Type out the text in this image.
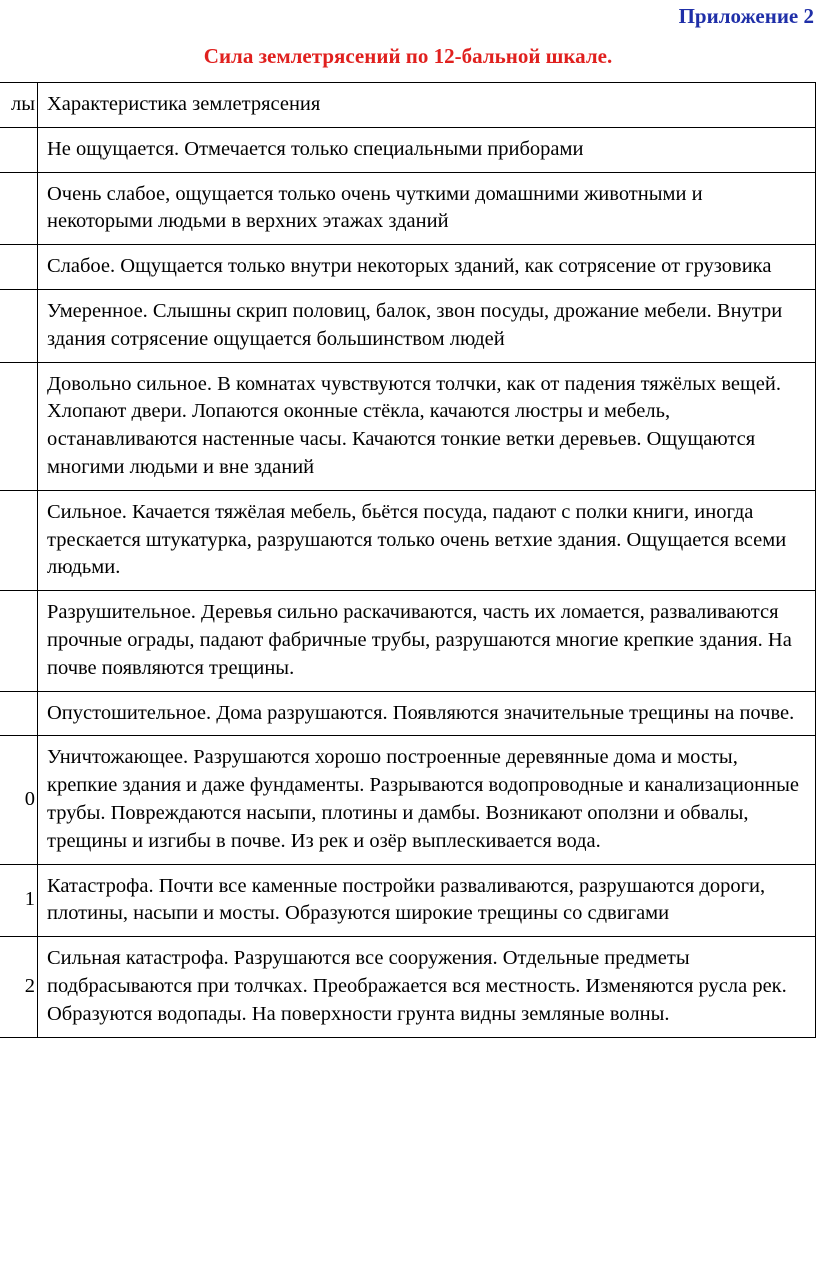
Приложение 2
Сила землетрясений по 12-бальной шкале.
лы	Характеристика землетрясения
	Не ощущается. Отмечается только специальными приборами
	Очень слабое, ощущается только очень чуткими домашними животными и некоторыми людьми в верхних этажах зданий
	Слабое. Ощущается только внутри некоторых зданий, как сотрясение от грузовика
	Умеренное. Слышны скрип половиц, балок, звон посуды, дрожание мебели. Внутри здания сотрясение ощущается большинством людей
	Довольно сильное. В комнатах чувствуются толчки, как от падения тяжёлых вещей. Хлопают двери. Лопаются оконные стёкла, качаются люстры и мебель, останавливаются настенные часы. Качаются тонкие ветки деревьев. Ощущаются многими людьми и вне зданий
	Сильное. Качается тяжёлая мебель, бьётся посуда, падают с полки книги, иногда трескается штукатурка, разрушаются только очень ветхие здания. Ощущается всеми людьми.
	Разрушительное. Деревья сильно раскачиваются, часть их ломается, разваливаются прочные ограды, падают фабричные трубы, разрушаются многие крепкие здания. На почве появляются трещины.
	Опустошительное. Дома разрушаются. Появляются значительные трещины на почве.
0	Уничтожающее. Разрушаются хорошо построенные деревянные дома и мосты, крепкие здания и даже фундаменты. Разрываются водопроводные и канализационные трубы. Повреждаются насыпи, плотины и дамбы. Возникают оползни и обвалы, трещины и изгибы в почве. Из рек и озёр выплескивается вода.
1	Катастрофа. Почти все каменные постройки разваливаются, разрушаются дороги, плотины, насыпи и мосты. Образуются широкие трещины со сдвигами
2	Сильная катастрофа. Разрушаются все сооружения. Отдельные предметы подбрасываются при толчках. Преображается вся местность. Изменяются русла рек. Образуются водопады. На поверхности грунта видны земляные волны.
